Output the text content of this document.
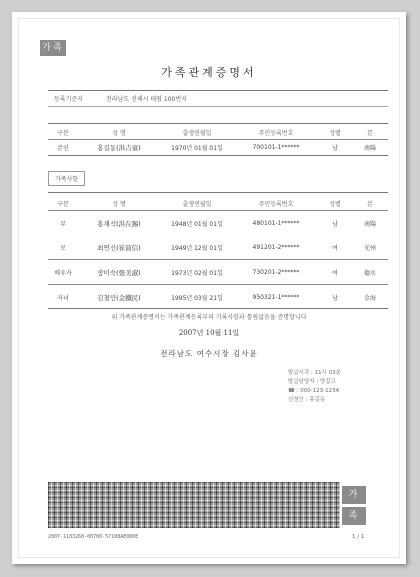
가족
가족관계증명서
등록기준지	전라남도 진해시 태평 100번지
구분	성 명	출생연월일	주민등록번호	성별	본
본인	홍길동(洪吉童)	1970년 01월 01일	700101-1******	남	南陽
가족사항
구분	성 명	출생연월일	주민등록번호	성별	본
부	홍재석(洪在錫)	1948년 01월 01일	480101-1******	남	南陽
모	최연신(崔演信)	1949년 12월 01일	491201-2******	여	光州
배우자	장미숙(張美淑)	1973년 02월 01일	730201-2******	여	德水
자녀	김철민(金鐵民)	1995년 03월 21일	950321-1******	남	金海
위 가족관계증명서는 가족관계등록부의 기록사항과 틀림없음을 증명합니다
2007년 10월 11일
전라남도 여수시장 김사윤
발급시각 : 11시 03분
발급담당자 : 양길고
☎ : 000-123-1234
신청인 : 홍길동
가
족
2007-1103260-00700-57108AE000E	1 / 1
